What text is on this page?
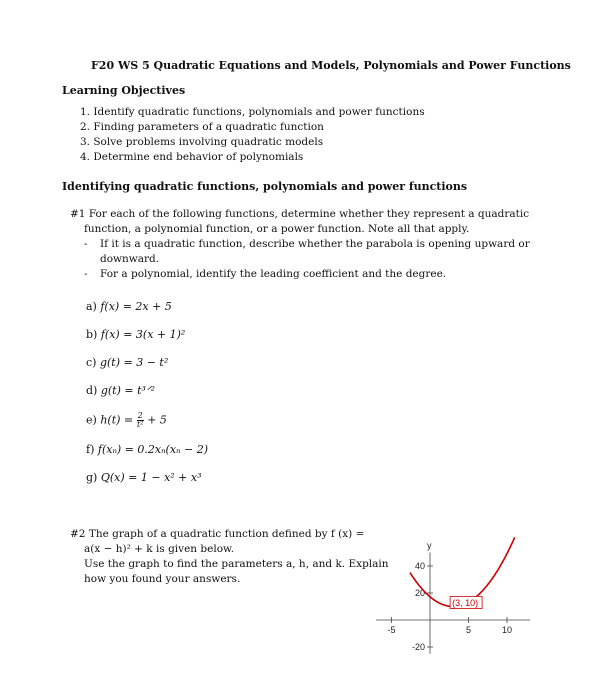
F20 WS 5 Quadratic Equations and Models, Polynomials and Power Functions
Learning Objectives
1. Identify quadratic functions, polynomials and power functions
2. Finding parameters of a quadratic function
3. Solve problems involving quadratic models
4. Determine end behavior of polynomials
Identifying quadratic functions, polynomials and power functions
#1 For each of the following functions, determine whether they represent a quadratic
function, a polynomial function, or a power function. Note all that apply.
- If it is a quadratic function, describe whether the parabola is opening upward or
downward.
- For a polynomial, identify the leading coefficient and the degree.
a) f(x) = 2x + 5
b) f(x) = 3(x + 1)²
c) g(t) = 3 − t²
d) g(t) = t³ᐟ²
e) $h(t) = \frac{2}{\text{t²}} + 5$
f) f(xₙ) = 0.2xₙ(xₙ − 2)
g) Q(x) = 1 − x² + x³
#2 The graph of a quadratic function defined by f (x) =
a(x − h)² + k is given below.
Use the graph to find the parameters a, h, and k. Explain
how you found your answers.
y
-5	5	10
40
20
-20
(3, 10)
